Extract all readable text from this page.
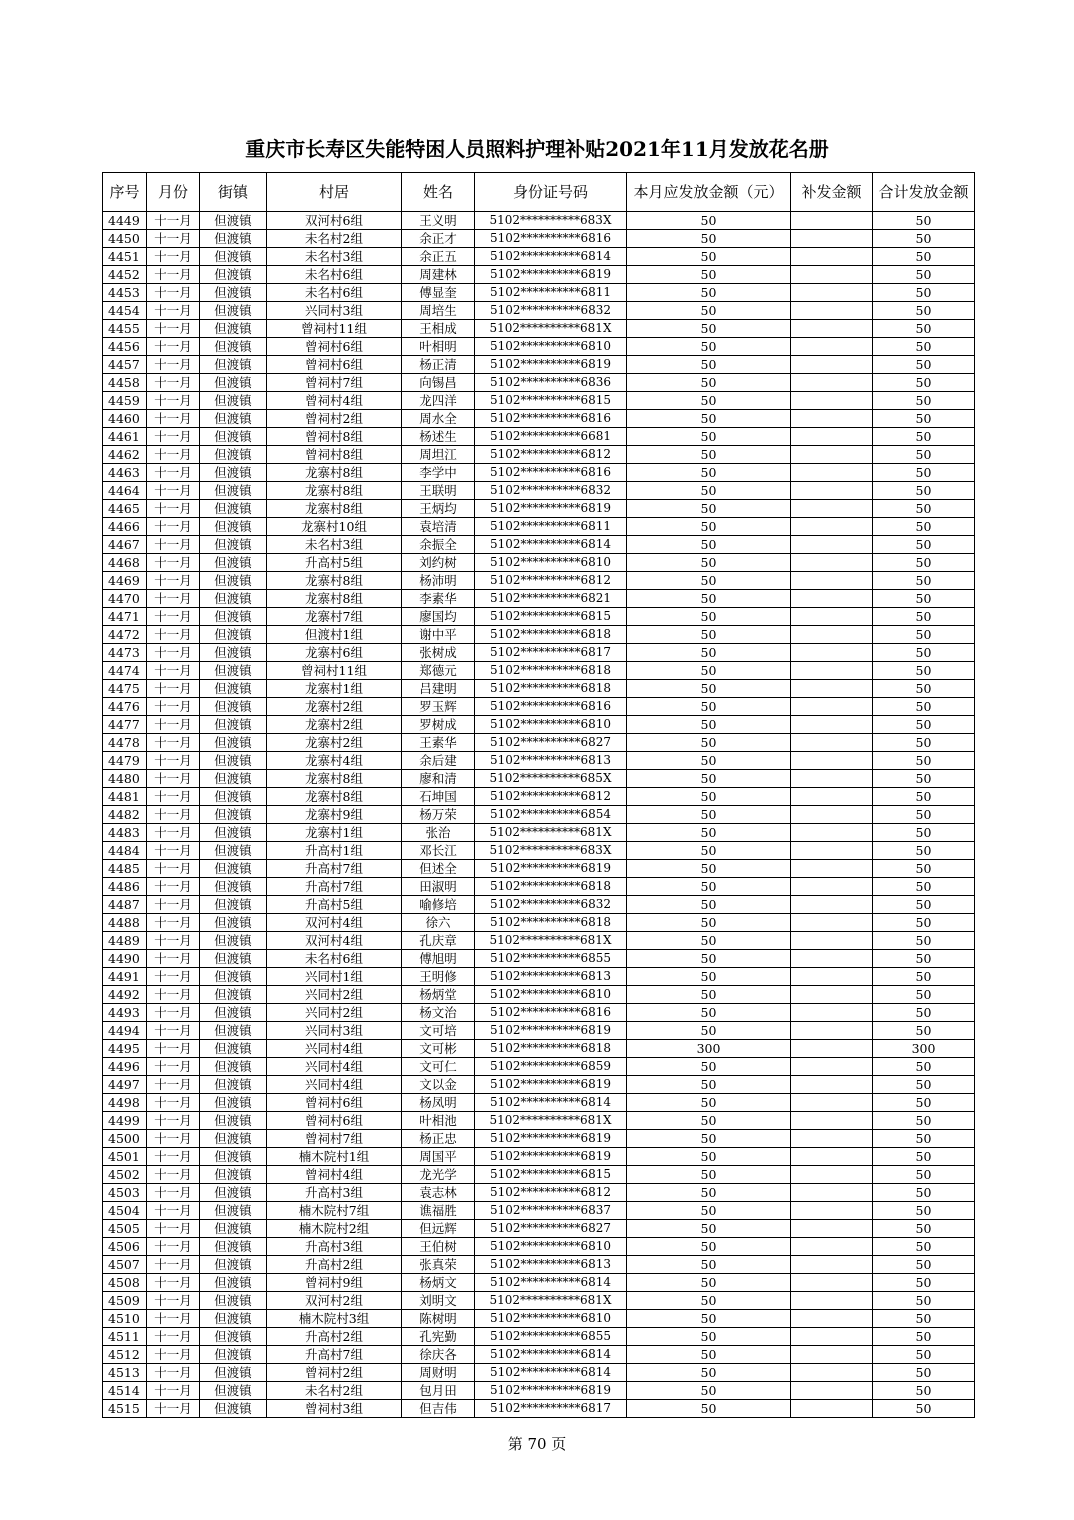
重庆市长寿区失能特困人员照料护理补贴2021年11月发放花名册
序号	月份	街镇	村居	姓名	身份证号码	本月应发放金额（元）	补发金额	合计发放金额
4449	十一月	但渡镇	双河村6组	王义明	5102**********683X	50		50
4450	十一月	但渡镇	未名村2组	余正才	5102**********6816	50		50
4451	十一月	但渡镇	未名村3组	余正五	5102**********6814	50		50
4452	十一月	但渡镇	未名村6组	周建林	5102**********6819	50		50
4453	十一月	但渡镇	未名村6组	傅显奎	5102**********6811	50		50
4454	十一月	但渡镇	兴同村3组	周培生	5102**********6832	50		50
4455	十一月	但渡镇	曾祠村11组	王相成	5102**********681X	50		50
4456	十一月	但渡镇	曾祠村6组	叶相明	5102**********6810	50		50
4457	十一月	但渡镇	曾祠村6组	杨正清	5102**********6819	50		50
4458	十一月	但渡镇	曾祠村7组	向锡昌	5102**********6836	50		50
4459	十一月	但渡镇	曾祠村4组	龙四洋	5102**********6815	50		50
4460	十一月	但渡镇	曾祠村2组	周水全	5102**********6816	50		50
4461	十一月	但渡镇	曾祠村8组	杨述生	5102**********6681	50		50
4462	十一月	但渡镇	曾祠村8组	周坦江	5102**********6812	50		50
4463	十一月	但渡镇	龙寨村8组	李学中	5102**********6816	50		50
4464	十一月	但渡镇	龙寨村8组	王联明	5102**********6832	50		50
4465	十一月	但渡镇	龙寨村8组	王炳均	5102**********6819	50		50
4466	十一月	但渡镇	龙寨村10组	袁培清	5102**********6811	50		50
4467	十一月	但渡镇	未名村3组	余振全	5102**********6814	50		50
4468	十一月	但渡镇	升高村5组	刘约树	5102**********6810	50		50
4469	十一月	但渡镇	龙寨村8组	杨沛明	5102**********6812	50		50
4470	十一月	但渡镇	龙寨村8组	李素华	5102**********6821	50		50
4471	十一月	但渡镇	龙寨村7组	廖国均	5102**********6815	50		50
4472	十一月	但渡镇	但渡村1组	谢中平	5102**********6818	50		50
4473	十一月	但渡镇	龙寨村6组	张树成	5102**********6817	50		50
4474	十一月	但渡镇	曾祠村11组	郑德元	5102**********6818	50		50
4475	十一月	但渡镇	龙寨村1组	吕建明	5102**********6818	50		50
4476	十一月	但渡镇	龙寨村2组	罗玉辉	5102**********6816	50		50
4477	十一月	但渡镇	龙寨村2组	罗树成	5102**********6810	50		50
4478	十一月	但渡镇	龙寨村2组	王素华	5102**********6827	50		50
4479	十一月	但渡镇	龙寨村4组	余后建	5102**********6813	50		50
4480	十一月	但渡镇	龙寨村8组	廖和清	5102**********685X	50		50
4481	十一月	但渡镇	龙寨村8组	石坤国	5102**********6812	50		50
4482	十一月	但渡镇	龙寨村9组	杨万荣	5102**********6854	50		50
4483	十一月	但渡镇	龙寨村1组	张治	5102**********681X	50		50
4484	十一月	但渡镇	升高村1组	邓长江	5102**********683X	50		50
4485	十一月	但渡镇	升高村7组	但述全	5102**********6819	50		50
4486	十一月	但渡镇	升高村7组	田淑明	5102**********6818	50		50
4487	十一月	但渡镇	升高村5组	喻修培	5102**********6832	50		50
4488	十一月	但渡镇	双河村4组	徐六	5102**********6818	50		50
4489	十一月	但渡镇	双河村4组	孔庆章	5102**********681X	50		50
4490	十一月	但渡镇	未名村6组	傅旭明	5102**********6855	50		50
4491	十一月	但渡镇	兴同村1组	王明修	5102**********6813	50		50
4492	十一月	但渡镇	兴同村2组	杨炳堂	5102**********6810	50		50
4493	十一月	但渡镇	兴同村2组	杨文治	5102**********6816	50		50
4494	十一月	但渡镇	兴同村3组	文可培	5102**********6819	50		50
4495	十一月	但渡镇	兴同村4组	文可彬	5102**********6818	300		300
4496	十一月	但渡镇	兴同村4组	文可仁	5102**********6859	50		50
4497	十一月	但渡镇	兴同村4组	文以金	5102**********6819	50		50
4498	十一月	但渡镇	曾祠村6组	杨凤明	5102**********6814	50		50
4499	十一月	但渡镇	曾祠村6组	叶相池	5102**********681X	50		50
4500	十一月	但渡镇	曾祠村7组	杨正忠	5102**********6819	50		50
4501	十一月	但渡镇	楠木院村1组	周国平	5102**********6819	50		50
4502	十一月	但渡镇	曾祠村4组	龙光学	5102**********6815	50		50
4503	十一月	但渡镇	升高村3组	袁志林	5102**********6812	50		50
4504	十一月	但渡镇	楠木院村7组	谯福胜	5102**********6837	50		50
4505	十一月	但渡镇	楠木院村2组	但远辉	5102**********6827	50		50
4506	十一月	但渡镇	升高村3组	王伯树	5102**********6810	50		50
4507	十一月	但渡镇	升高村2组	张真荣	5102**********6813	50		50
4508	十一月	但渡镇	曾祠村9组	杨炳文	5102**********6814	50		50
4509	十一月	但渡镇	双河村2组	刘明文	5102**********681X	50		50
4510	十一月	但渡镇	楠木院村3组	陈树明	5102**********6810	50		50
4511	十一月	但渡镇	升高村2组	孔宪勤	5102**********6855	50		50
4512	十一月	但渡镇	升高村7组	徐庆各	5102**********6814	50		50
4513	十一月	但渡镇	曾祠村2组	周财明	5102**********6814	50		50
4514	十一月	但渡镇	未名村2组	包月田	5102**********6819	50		50
4515	十一月	但渡镇	曾祠村3组	但吉伟	5102**********6817	50		50
第 70 页
